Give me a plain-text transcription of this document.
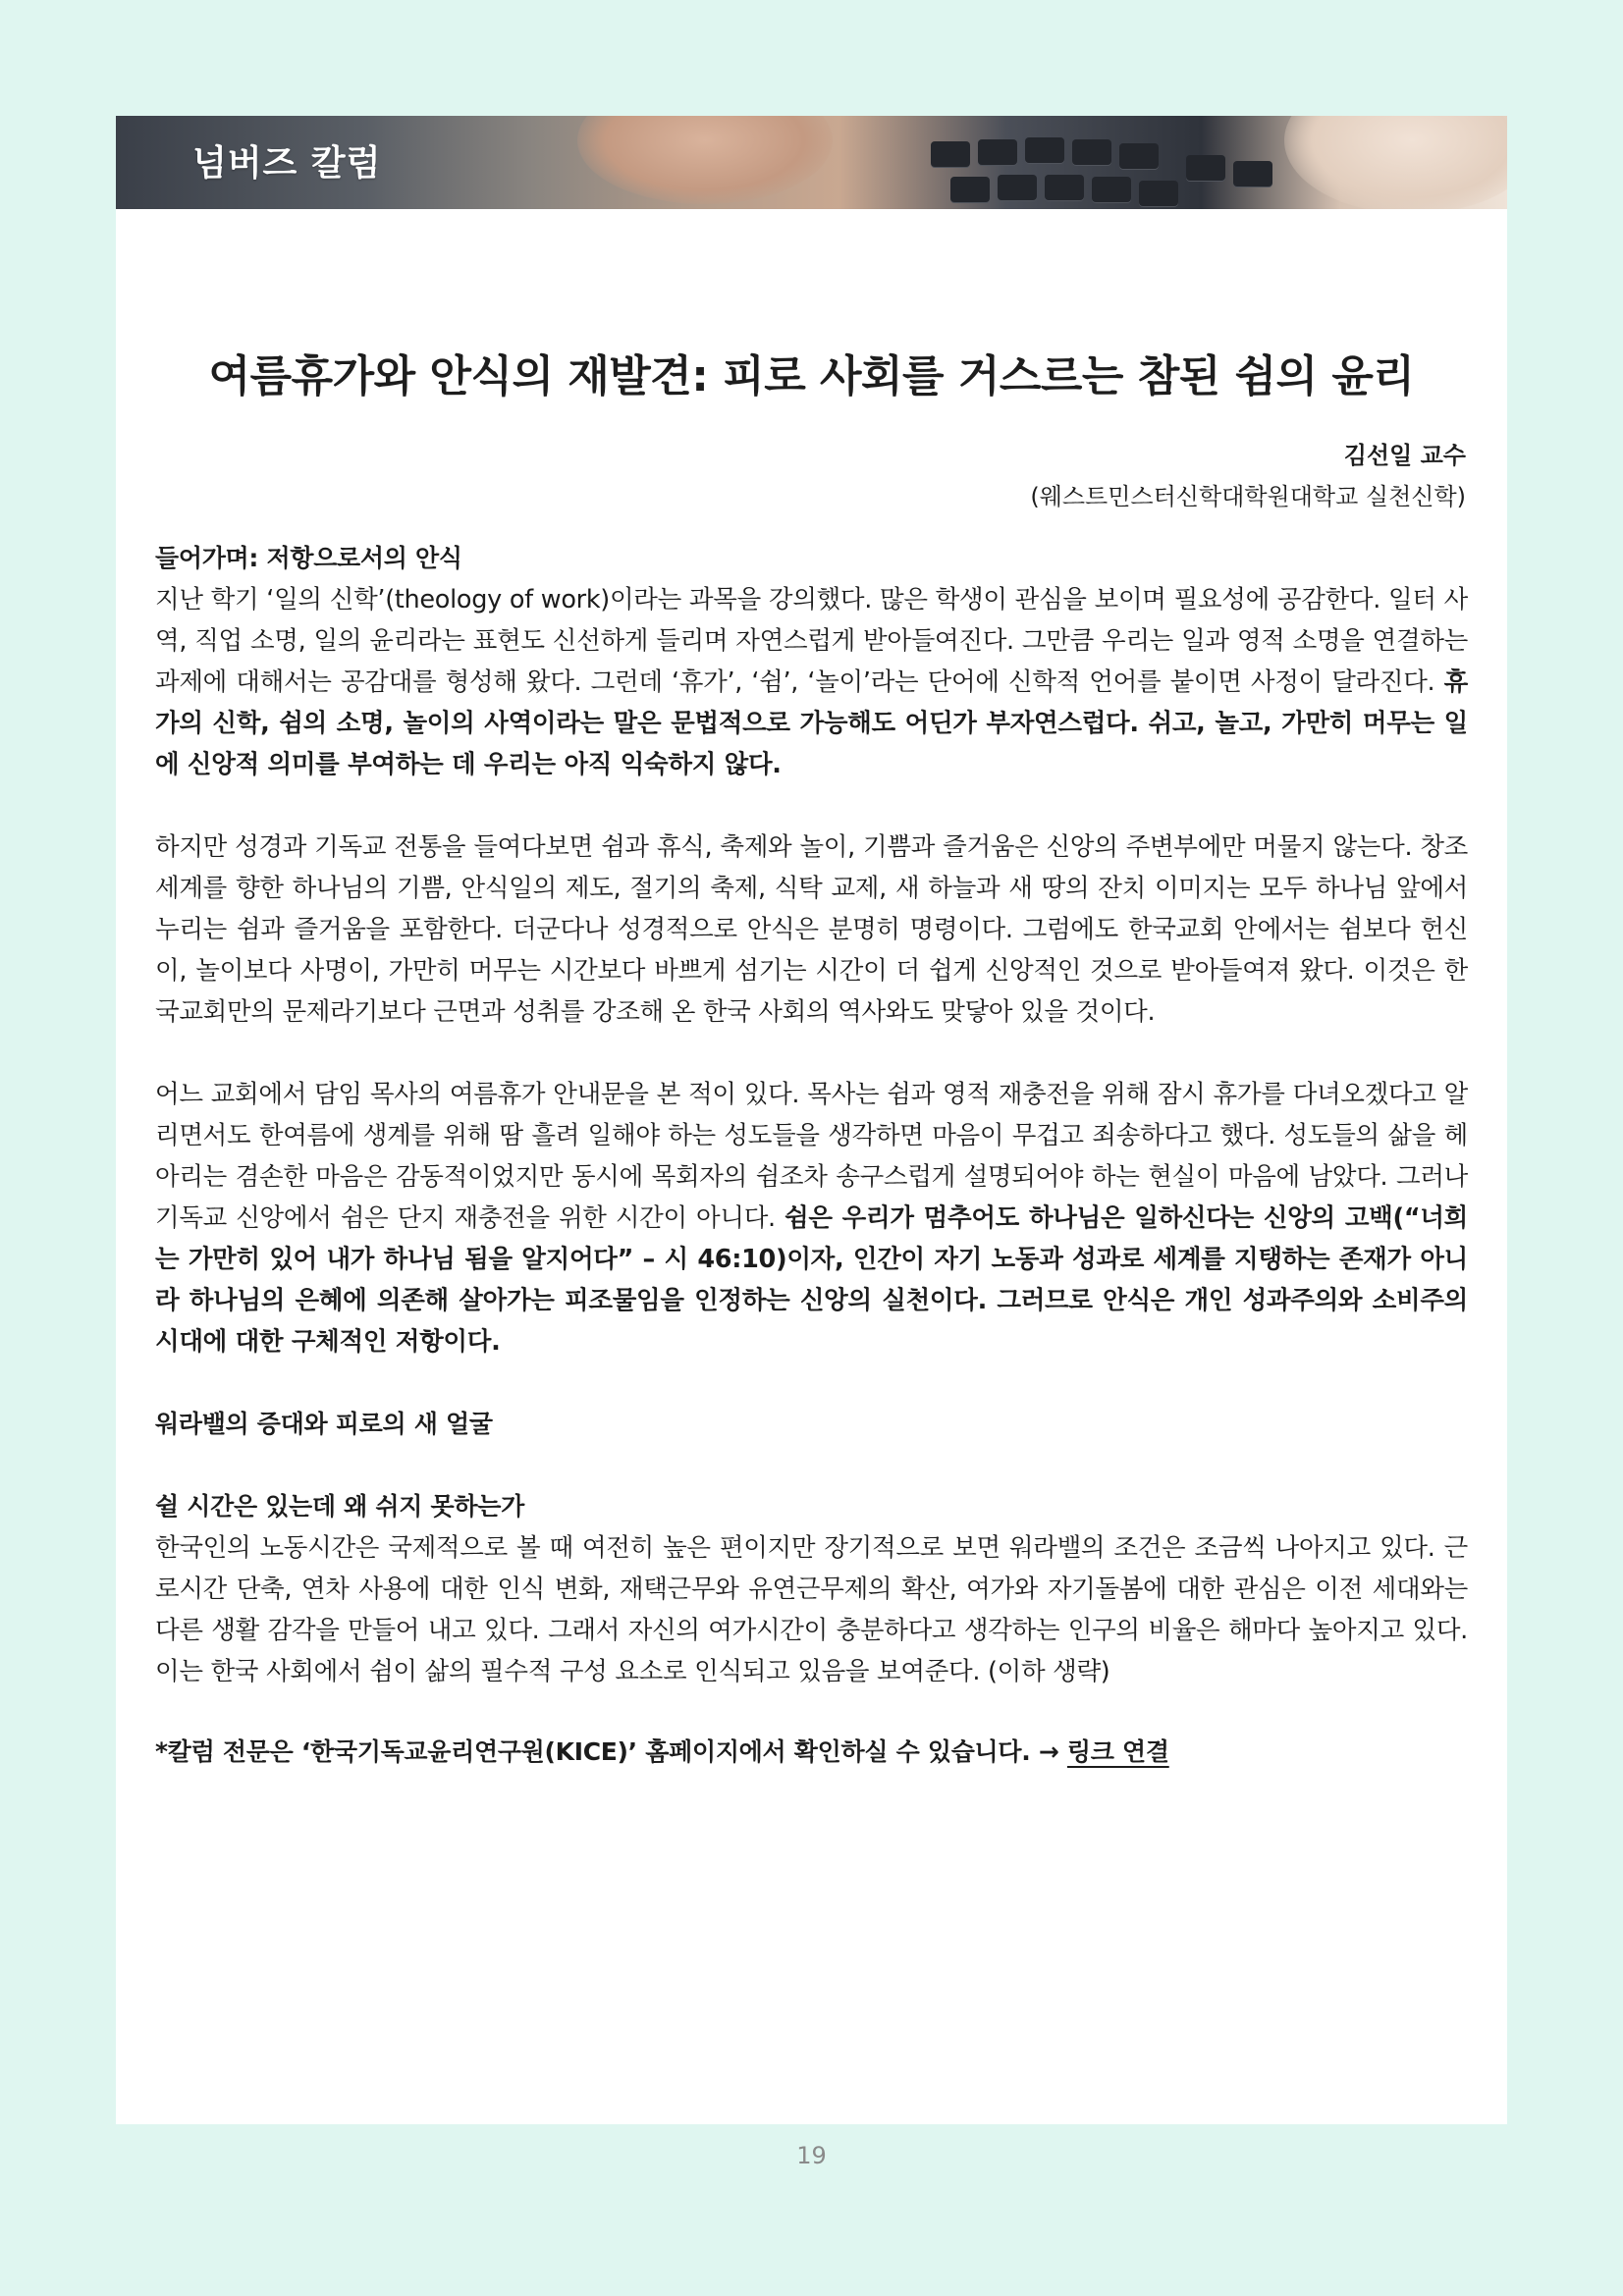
넘버즈 칼럼
여름휴가와 안식의 재발견: 피로 사회를 거스르는 참된 쉼의 윤리
김선일 교수
(웨스트민스터신학대학원대학교 실천신학)

들어가며: 저항으로서의 안식

지난 학기 ‘일의 신학’(theology of work)이라는 과목을 강의했다. 많은 학생이 관심을 보이며 필요성에 공감한다. 일터 사역, 직업 소명, 일의 윤리라는 표현도 신선하게 들리며 자연스럽게 받아들여진다. 그만큼 우리는 일과 영적 소명을 연결하는 과제에 대해서는 공감대를 형성해 왔다. 그런데 ‘휴가’, ‘쉼’, ‘놀이’라는 단어에 신학적 언어를 붙이면 사정이 달라진다. 휴가의 신학, 쉼의 소명, 놀이의 사역이라는 말은 문법적으로 가능해도 어딘가 부자연스럽다. 쉬고, 놀고, 가만히 머무는 일에 신앙적 의미를 부여하는 데 우리는 아직 익숙하지 않다.

하지만 성경과 기독교 전통을 들여다보면 쉼과 휴식, 축제와 놀이, 기쁨과 즐거움은 신앙의 주변부에만 머물지 않는다. 창조 세계를 향한 하나님의 기쁨, 안식일의 제도, 절기의 축제, 식탁 교제, 새 하늘과 새 땅의 잔치 이미지는 모두 하나님 앞에서 누리는 쉼과 즐거움을 포함한다. 더군다나 성경적으로 안식은 분명히 명령이다. 그럼에도 한국교회 안에서는 쉼보다 헌신이, 놀이보다 사명이, 가만히 머무는 시간보다 바쁘게 섬기는 시간이 더 쉽게 신앙적인 것으로 받아들여져 왔다. 이것은 한국교회만의 문제라기보다 근면과 성취를 강조해 온 한국 사회의 역사와도 맞닿아 있을 것이다.

어느 교회에서 담임 목사의 여름휴가 안내문을 본 적이 있다. 목사는 쉼과 영적 재충전을 위해 잠시 휴가를 다녀오겠다고 알리면서도 한여름에 생계를 위해 땀 흘려 일해야 하는 성도들을 생각하면 마음이 무겁고 죄송하다고 했다. 성도들의 삶을 헤아리는 겸손한 마음은 감동적이었지만 동시에 목회자의 쉼조차 송구스럽게 설명되어야 하는 현실이 마음에 남았다. 그러나 기독교 신앙에서 쉼은 단지 재충전을 위한 시간이 아니다. 쉼은 우리가 멈추어도 하나님은 일하신다는 신앙의 고백(“너희는 가만히 있어 내가 하나님 됨을 알지어다” – 시 46:10)이자, 인간이 자기 노동과 성과로 세계를 지탱하는 존재가 아니라 하나님의 은혜에 의존해 살아가는 피조물임을 인정하는 신앙의 실천이다. 그러므로 안식은 개인 성과주의와 소비주의 시대에 대한 구체적인 저항이다.

워라밸의 증대와 피로의 새 얼굴

쉴 시간은 있는데 왜 쉬지 못하는가

한국인의 노동시간은 국제적으로 볼 때 여전히 높은 편이지만 장기적으로 보면 워라밸의 조건은 조금씩 나아지고 있다. 근로시간 단축, 연차 사용에 대한 인식 변화, 재택근무와 유연근무제의 확산, 여가와 자기돌봄에 대한 관심은 이전 세대와는 다른 생활 감각을 만들어 내고 있다. 그래서 자신의 여가시간이 충분하다고 생각하는 인구의 비율은 해마다 높아지고 있다. 이는 한국 사회에서 쉼이 삶의 필수적 구성 요소로 인식되고 있음을 보여준다. (이하 생략)

*칼럼 전문은 ‘한국기독교윤리연구원(KICE)’ 홈페이지에서 확인하실 수 있습니다. → 링크 연결

19
